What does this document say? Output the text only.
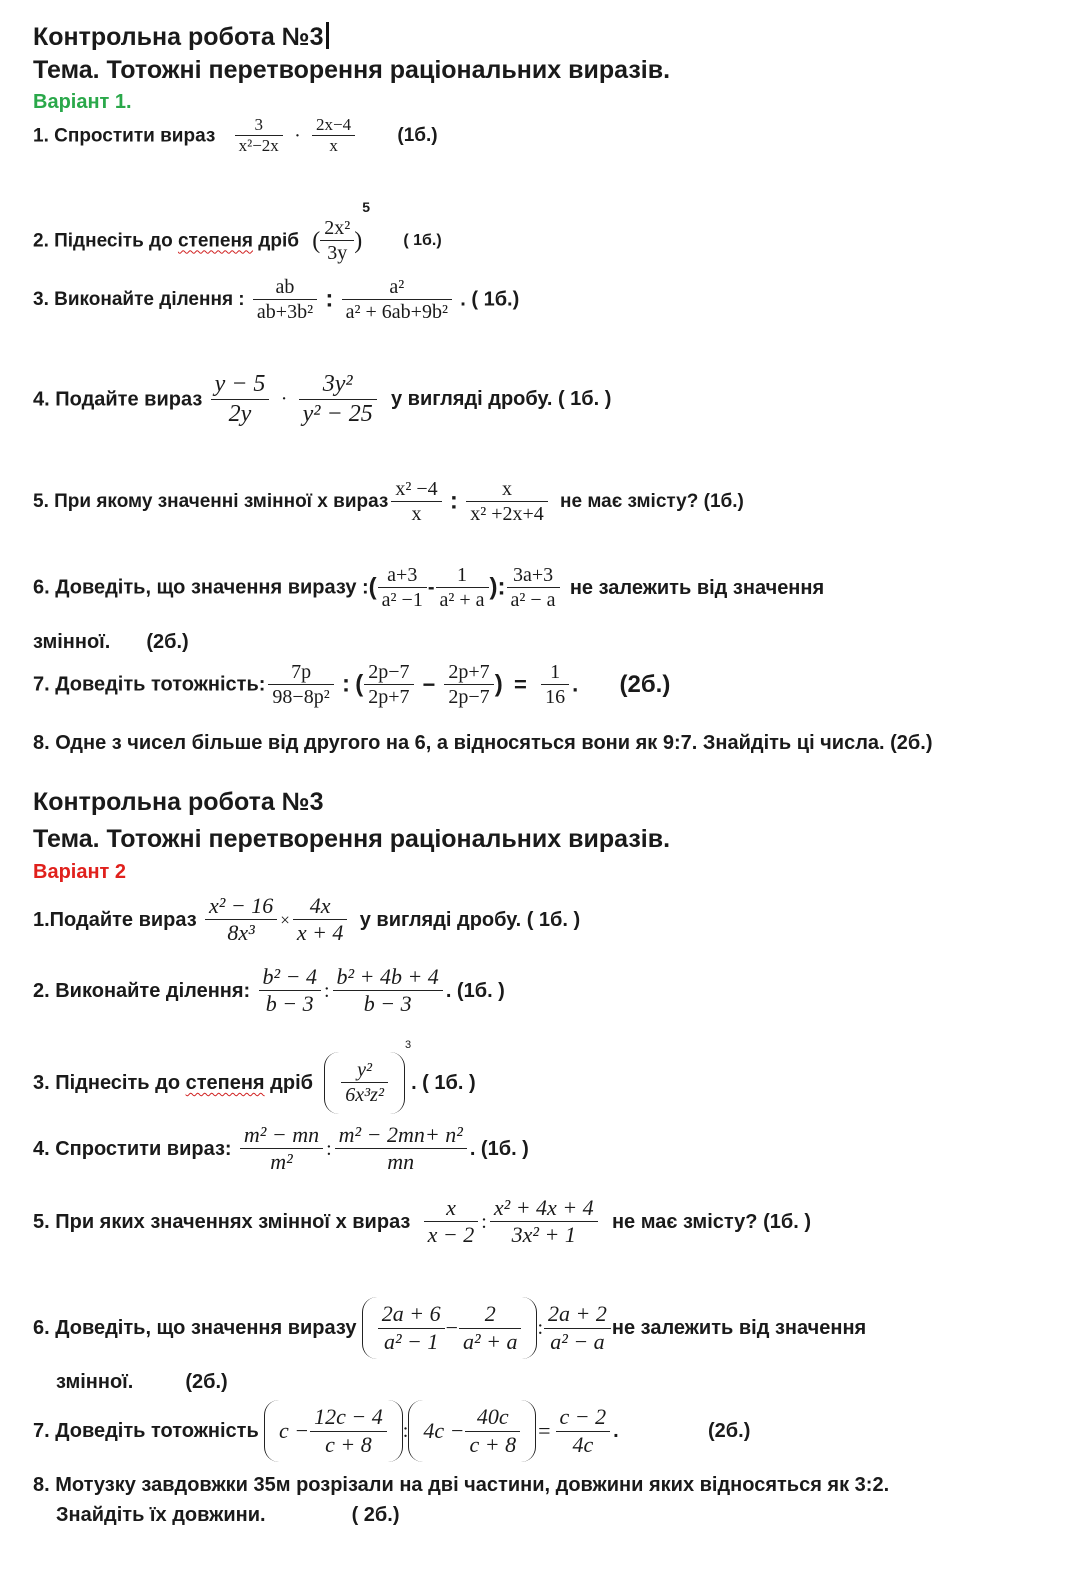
Контрольна робота №3
Тема. Тотожні перетворення раціональних виразів.
Варіант 1.
1. Спростити вираз $\frac{3}{\text{x²−2x}} \cdot \frac{2x-4}{x} (1б.)$
2. Піднесіть до степеня дріб ( $\frac{\text{2x²}}{3y} )^5$ ( 1б.)
3. Виконайте ділення : $\frac{ab}{\text{ab+3b²}}$ : $\frac{\text{a²}}{\text{a² + 6ab+9b²}}$ . ( 1б.)
4. Подайте вираз $\frac{y - 5}{2y} \cdot \frac{\text{3y²}}{\text{y² − 25}}$ у вигляді дробу. ( 1б. )
5. При якому значенні змінної x вираз $\frac{\text{x² −4}}{x}$ : $\frac{x}{\text{x² +2x+4}}$ не має змісту? (1б.)
6. Доведіть, що значення виразу :( $\frac{a+3}{\text{a² −1}} - \frac{1}{\text{a² + a}}$ ): $\frac{3a+3}{\text{a² − a}}$ не залежить від значення
змінної. (2б.)
7. Доведіть тотожність: $\frac{7p}{\text{98−8p²}}$ : ( $\frac{2p-7}{2p+7} - \frac{2p+7}{2p-7}$ ) = $\frac{1}{16}$ . (2б.)
8. Одне з чисел більше від другого на 6, а відносяться вони як 9:7. Знайдіть ці числа. (2б.)
Контрольна робота №3
Тема. Тотожні перетворення раціональних виразів.
Варіант 2
1.Подайте вираз $\frac{\text{x² − 16}}{\text{8x³}} \times \frac{4x}{x + 4}$ у вигляді дробу. ( 1б. )
2. Виконайте ділення: $\frac{\text{b² − 4}}{b - 3}$ : $\frac{\text{b² + 4b + 4}}{b - 3}$ . (1б. )
3. Піднесіть до степеня дріб $\frac{\text{y²}}{\text{6x³z²}}$
$^3$. ( 1б. )
4. Спростити вираз: $\frac{\text{m² − mn}}{\text{m²}}$ : $\frac{\text{m² − 2mn+ n²}}{mn}$ . (1б. )
5. При яких значеннях змінної x вираз $\frac{x}{x - 2}$ : $\frac{\text{x² + 4x + 4}}{\text{3x² + 1}}$ не має змісту? (1б. )
6. Доведіть, що значення виразу $\frac{2a + 6}{\text{a² − 1}} - \frac{2}{\text{a² + a}}$ : $\frac{2a + 2}{\text{a² − a}}$ не залежить від значення
змінної.	(2б.)
7. Доведіть тотожність $c - \frac{12c - 4}{c + 8}$ : $4c - \frac{40c}{c + 8} = \frac{c - 2}{4c}$ .	(2б.)
8. Мотузку завдовжки 35м розрізали на дві частини, довжини яких відносяться як 3:2.
Знайдіть їх довжини.	( 2б.)
